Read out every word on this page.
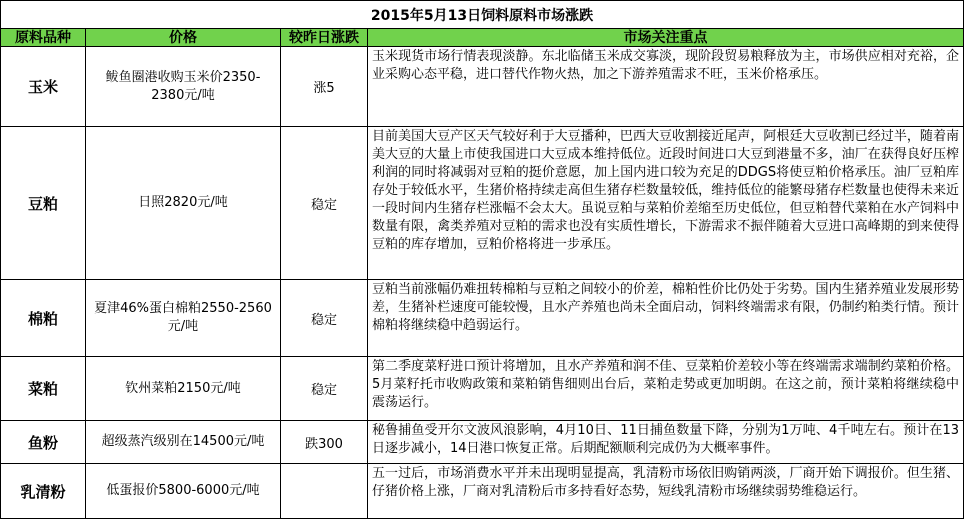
2015年5月13日饲料原料市场涨跌			
原料品种	价格	较昨日涨跌	市场关注重点
玉米	鲅鱼圈港收购玉米价2350-2380元/吨	涨5	玉米现货市场行情表现淡静。东北临储玉米成交寡淡，现阶段贸易粮释放为主，市场供应相对充裕，企业采购心态平稳，进口替代作物火热，加之下游养殖需求不旺，玉米价格承压。
豆粕	日照2820元/吨	稳定	目前美国大豆产区天气较好利于大豆播种，巴西大豆收割接近尾声，阿根廷大豆收割已经过半，随着南美大豆的大量上市使我国进口大豆成本维持低位。近段时间进口大豆到港量不多，油厂在获得良好压榨利润的同时将减弱对豆粕的挺价意愿，加上国内进口较为充足的DDGS将使豆粕价格承压。油厂豆粕库存处于较低水平，生猪价格持续走高但生猪存栏数量较低，维持低位的能繁母猪存栏数量也使得未来近一段时间内生猪存栏涨幅不会太大。虽说豆粕与菜粕价差缩至历史低位，但豆粕替代菜粕在水产饲料中数量有限，禽类养殖对豆粕的需求也没有实质性增长，下游需求不振伴随着大豆进口高峰期的到来使得豆粕的库存增加，豆粕价格将进一步承压。
棉粕	夏津46%蛋白棉粕2550-2560元/吨	稳定	豆粕当前涨幅仍难扭转棉粕与豆粕之间较小的价差，棉粕性价比仍处于劣势。国内生猪养殖业发展形势差，生猪补栏速度可能较慢，且水产养殖也尚未全面启动，饲料终端需求有限，仍制约粕类行情。预计棉粕将继续稳中趋弱运行。
菜粕	钦州菜粕2150元/吨	稳定	第二季度菜籽进口预计将增加，且水产养殖和润不佳、豆菜粕价差较小等在终端需求端制约菜粕价格。5月菜籽托市收购政策和菜粕销售细则出台后，菜粕走势或更加明朗。在这之前，预计菜粕将继续稳中震荡运行。
鱼粉	超级蒸汽级别在14500元/吨	跌300	秘鲁捕鱼受开尔文波风浪影响，4月10日、11日捕鱼数量下降，分别为1万吨、4千吨左右。预计在13日逐步减小，14日港口恢复正常。后期配额顺利完成仍为大概率事件。
乳清粉	低蛋报价5800-6000元/吨		五一过后，市场消费水平并未出现明显提高，乳清粉市场依旧购销两淡，厂商开始下调报价。但生猪、仔猪价格上涨，厂商对乳清粉后市多持看好态势，短线乳清粉市场继续弱势维稳运行。
